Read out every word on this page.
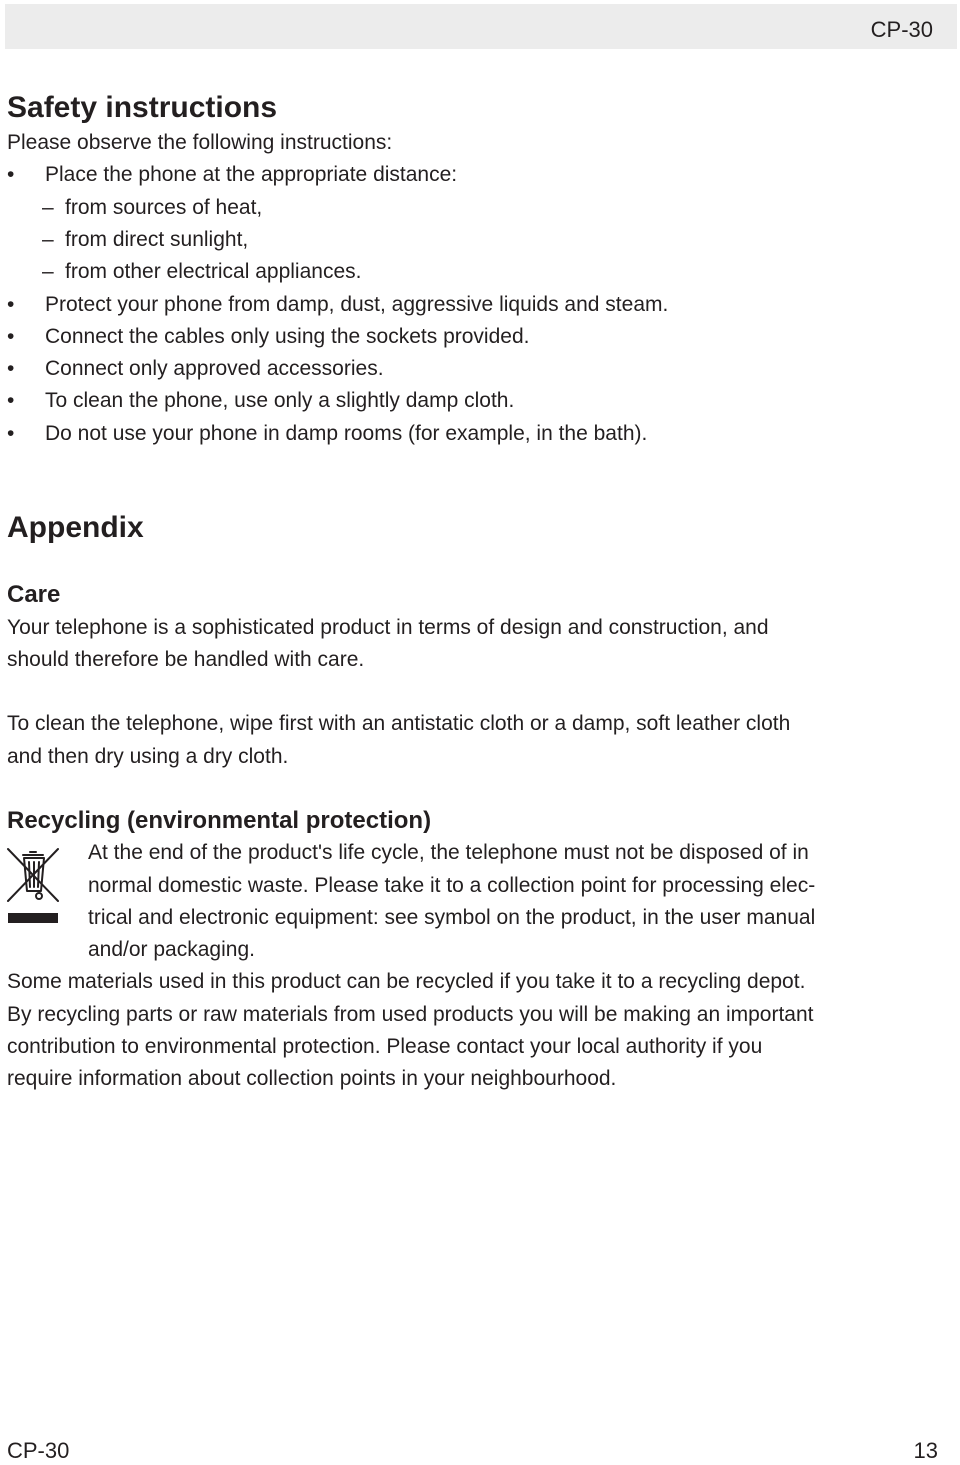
CP-30
Safety instructions
Please observe the following instructions:
• Place the phone at the appropriate distance:
– from sources of heat,
– from direct sunlight,
– from other electrical appliances.
• Protect your phone from damp, dust, aggressive liquids and steam.
• Connect the cables only using the sockets provided.
• Connect only approved accessories.
• To clean the phone, use only a slightly damp cloth.
• Do not use your phone in damp rooms (for example, in the bath).
Appendix
Care
Your telephone is a sophisticated product in terms of design and construction, and
should therefore be handled with care.
To clean the telephone, wipe first with an antistatic cloth or a damp, soft leather cloth
and then dry using a dry cloth.
Recycling (environmental protection)
At the end of the product's life cycle, the telephone must not be disposed of in
normal domestic waste. Please take it to a collection point for processing elec-
trical and electronic equipment: see symbol on the product, in the user manual
and/or packaging.
Some materials used in this product can be recycled if you take it to a recycling depot.
By recycling parts or raw materials from used products you will be making an important
contribution to environmental protection. Please contact your local authority if you
require information about collection points in your neighbourhood.
CP-30	13
